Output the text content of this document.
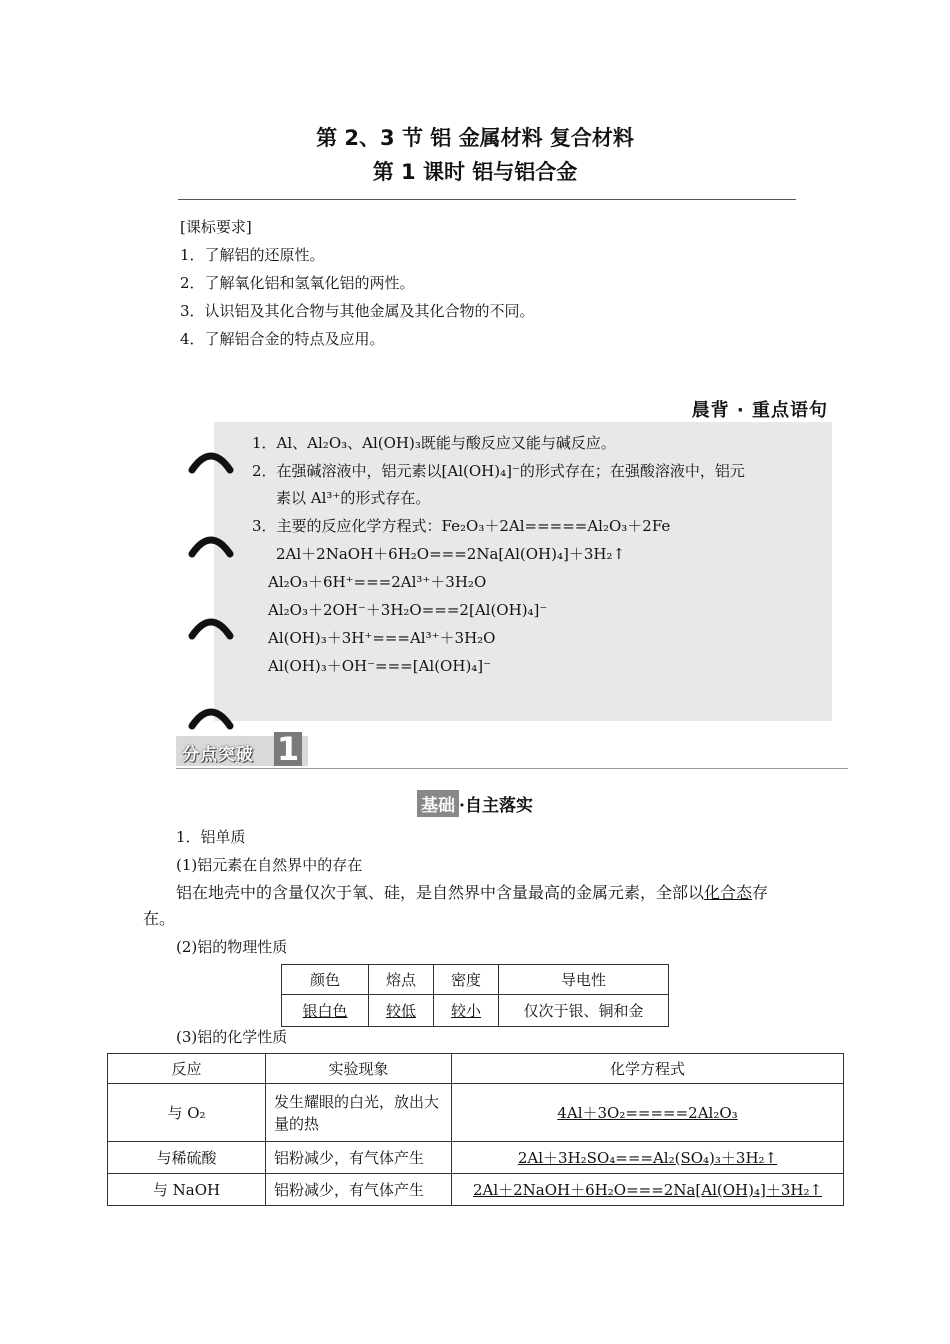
第 2、3 节 铝 金属材料 复合材料
第 1 课时 铝与铝合金
[课标要求]
1．了解铝的还原性。
2．了解氧化铝和氢氧化铝的两性。
3．认识铝及其化合物与其他金属及其化合物的不同。
4．了解铝合金的特点及应用。
晨背 · 重点语句
1．Al、Al₂O₃、Al(OH)₃既能与酸反应又能与碱反应。
2．在强碱溶液中，铝元素以[Al(OH)₄]⁻的形式存在；在强酸溶液中，铝元
素以 Al³⁺的形式存在。
3．主要的反应化学方程式：Fe₂O₃＋2Al=====Al₂O₃＋2Fe
2Al＋2NaOH＋6H₂O===2Na[Al(OH)₄]＋3H₂↑
Al₂O₃＋6H⁺===2Al³⁺＋3H₂O
Al₂O₃＋2OH⁻＋3H₂O===2[Al(OH)₄]⁻
Al(OH)₃＋3H⁺===Al³⁺＋3H₂O
Al(OH)₃＋OH⁻===[Al(OH)₄]⁻
分点突破 1
基础 ·自主落实
1．铝单质
(1)铝元素在自然界中的存在
铝在地壳中的含量仅次于氧、硅，是自然界中含量最高的金属元素，全部以化合态存
在。
(2)铝的物理性质
颜色	熔点	密度	导电性
银白色	较低	较小	仅次于银、铜和金
(3)铝的化学性质
反应	实验现象	化学方程式
与 O₂	发生耀眼的白光，放出大量的热	4Al＋3O₂=====2Al₂O₃
与稀硫酸	铝粉减少，有气体产生	2Al＋3H₂SO₄===Al₂(SO₄)₃＋3H₂↑
与 NaOH	铝粉减少，有气体产生	2Al＋2NaOH＋6H₂O===2Na[Al(OH)₄]＋3H₂↑
